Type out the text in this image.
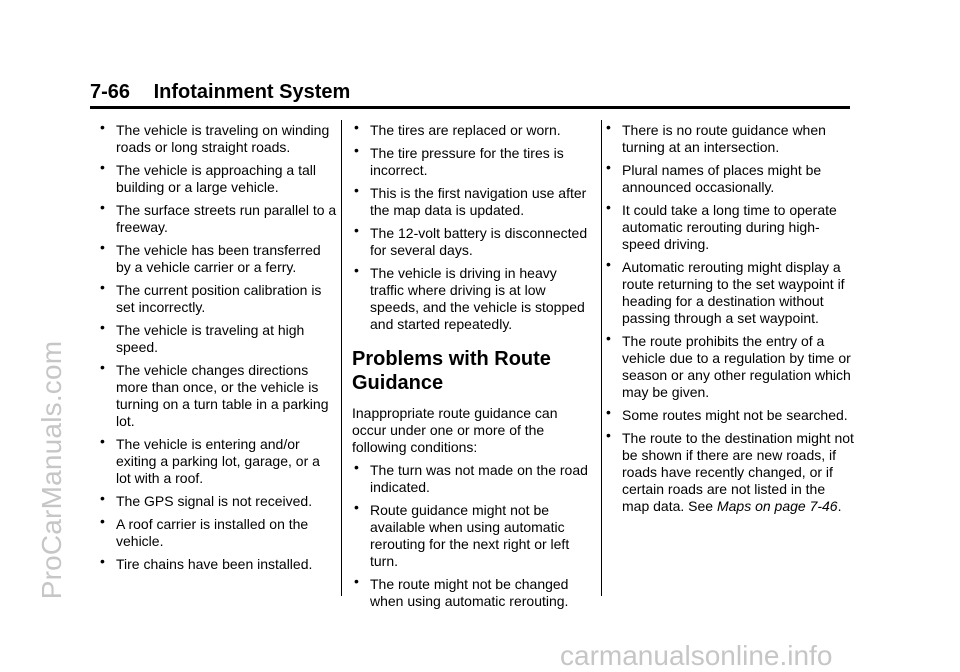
ProCarManuals.com
carmanualsonline.info
7-66 Infotainment System
• The vehicle is traveling on winding roads or long straight roads.
• The vehicle is approaching a tall building or a large vehicle.
• The surface streets run parallel to a freeway.
• The vehicle has been transferred by a vehicle carrier or a ferry.
• The current position calibration is set incorrectly.
• The vehicle is traveling at high speed.
• The vehicle changes directions more than once, or the vehicle is turning on a turn table in a parking lot.
• The vehicle is entering and/or exiting a parking lot, garage, or a lot with a roof.
• The GPS signal is not received.
• A roof carrier is installed on the vehicle.
• Tire chains have been installed.
• The tires are replaced or worn.
• The tire pressure for the tires is incorrect.
• This is the first navigation use after the map data is updated.
• The 12-volt battery is disconnected for several days.
• The vehicle is driving in heavy traffic where driving is at low speeds, and the vehicle is stopped and started repeatedly.
Problems with Route Guidance

Inappropriate route guidance can occur under one or more of the following conditions:

• The turn was not made on the road indicated.
• Route guidance might not be available when using automatic rerouting for the next right or left turn.
• The route might not be changed when using automatic rerouting.
• There is no route guidance when turning at an intersection.
• Plural names of places might be announced occasionally.
• It could take a long time to operate automatic rerouting during high-speed driving.
• Automatic rerouting might display a route returning to the set waypoint if heading for a destination without passing through a set waypoint.
• The route prohibits the entry of a vehicle due to a regulation by time or season or any other regulation which may be given.
• Some routes might not be searched.
• The route to the destination might not be shown if there are new roads, if roads have recently changed, or if certain roads are not listed in the map data. See Maps on page 7-46.
